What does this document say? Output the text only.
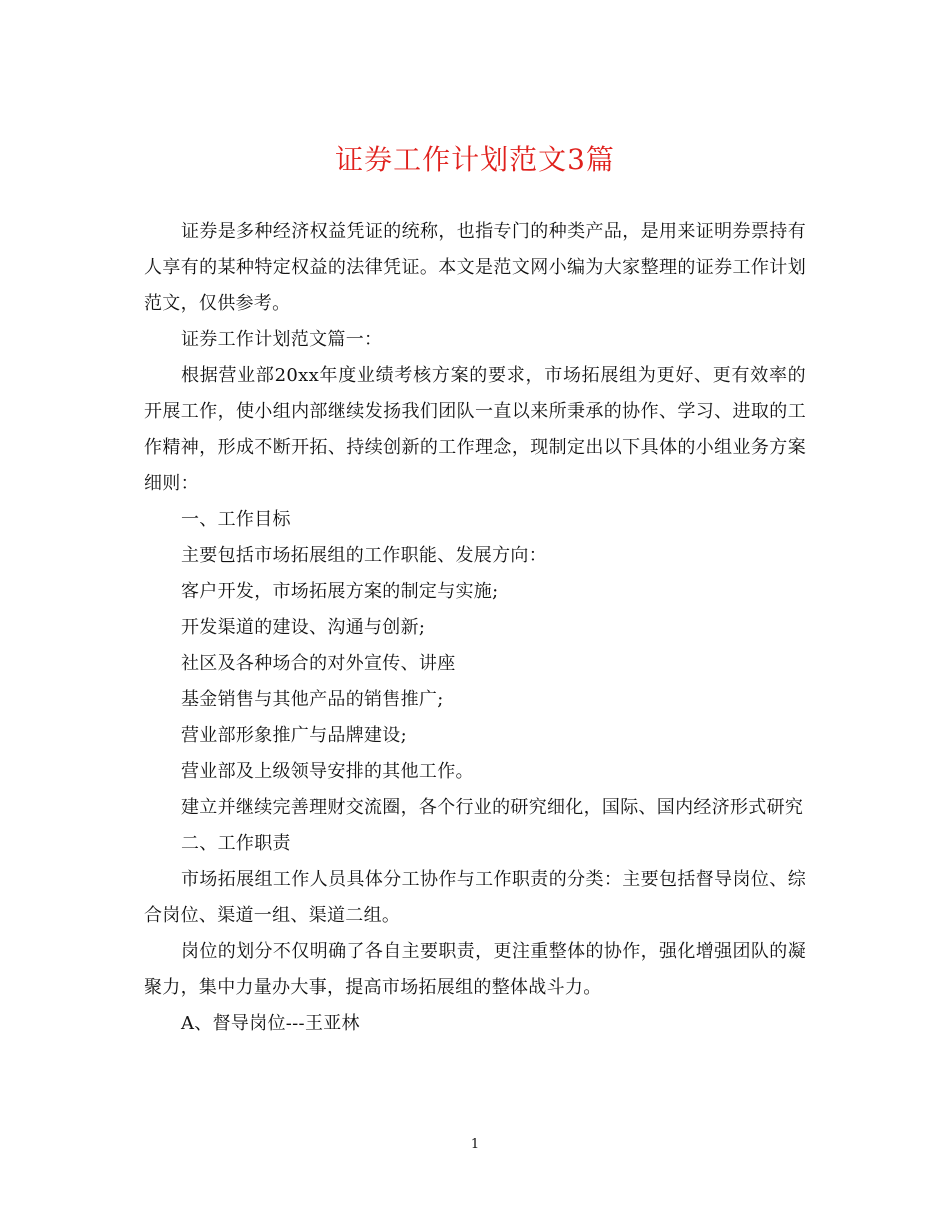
证券工作计划范文3篇

证券是多种经济权益凭证的统称，也指专门的种类产品，是用来证明券票持有人享有的某种特定权益的法律凭证。本文是范文网小编为大家整理的证券工作计划范文，仅供参考。

证券工作计划范文篇一：

根据营业部20xx年度业绩考核方案的要求，市场拓展组为更好、更有效率的开展工作，使小组内部继续发扬我们团队一直以来所秉承的协作、学习、进取的工作精神，形成不断开拓、持续创新的工作理念，现制定出以下具体的小组业务方案细则：

一、工作目标

主要包括市场拓展组的工作职能、发展方向：

客户开发，市场拓展方案的制定与实施;

开发渠道的建设、沟通与创新;

社区及各种场合的对外宣传、讲座

基金销售与其他产品的销售推广;

营业部形象推广与品牌建设;

营业部及上级领导安排的其他工作。

建立并继续完善理财交流圈，各个行业的研究细化，国际、国内经济形式研究

二、工作职责

市场拓展组工作人员具体分工协作与工作职责的分类：主要包括督导岗位、综合岗位、渠道一组、渠道二组。

岗位的划分不仅明确了各自主要职责，更注重整体的协作，强化增强团队的凝聚力，集中力量办大事，提高市场拓展组的整体战斗力。

A、督导岗位---王亚林

1
